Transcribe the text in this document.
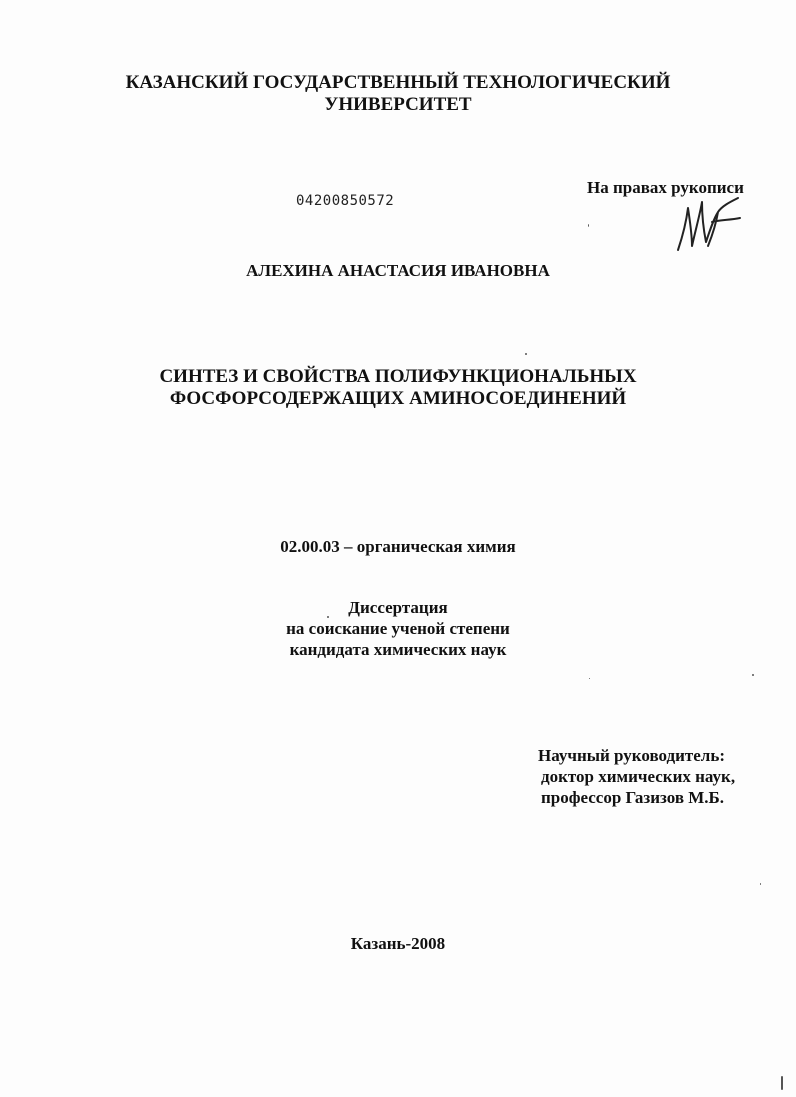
КАЗАНСКИЙ ГОСУДАРСТВЕННЫЙ ТЕХНОЛОГИЧЕСКИЙ
УНИВЕРСИТЕТ
На правах рукописи
04200850572
АЛЕХИНА АНАСТАСИЯ ИВАНОВНА
СИНТЕЗ И СВОЙСТВА ПОЛИФУНКЦИОНАЛЬНЫХ
ФОСФОРСОДЕРЖАЩИХ АМИНОСОЕДИНЕНИЙ
02.00.03 – органическая химия
Диссертация
на соискание ученой степени
кандидата химических наук
Научный руководитель:
доктор химических наук,
профессор Газизов М.Б.
Казань-2008
